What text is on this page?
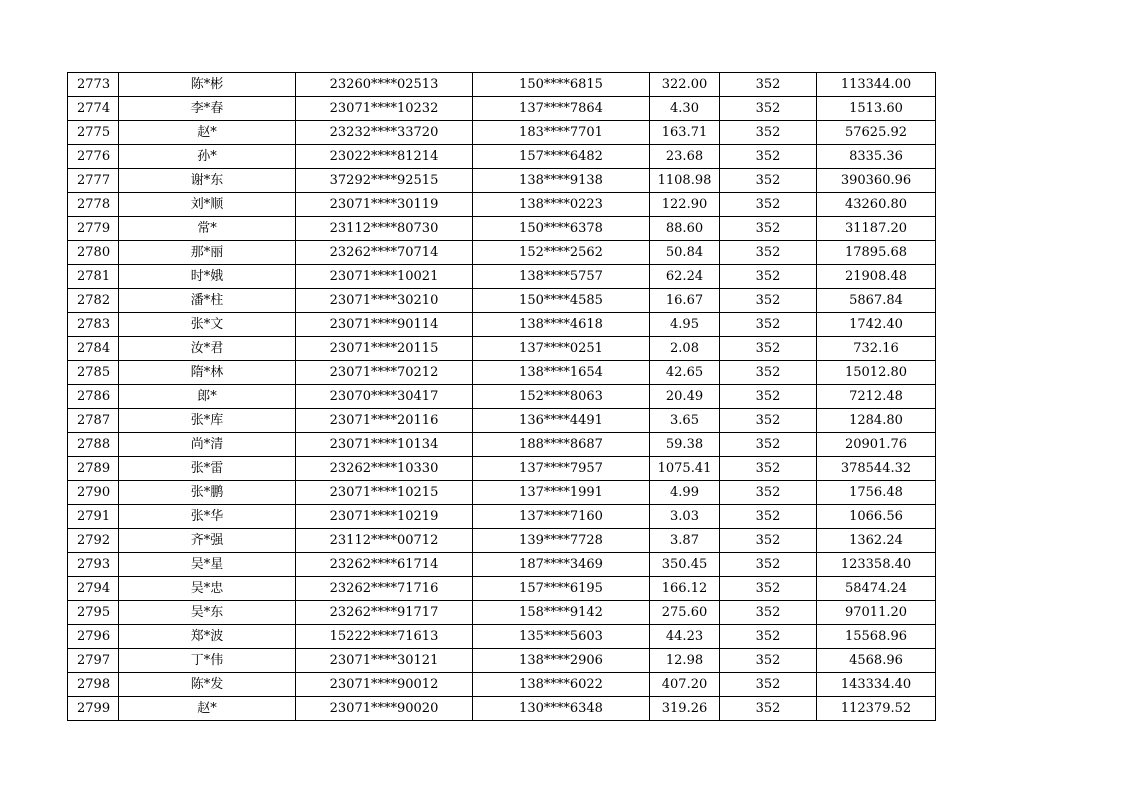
2773	陈*彬	23260****02513	150****6815	322.00	352	113344.00
2774	李*春	23071****10232	137****7864	4.30	352	1513.60
2775	赵*	23232****33720	183****7701	163.71	352	57625.92
2776	孙*	23022****81214	157****6482	23.68	352	8335.36
2777	谢*东	37292****92515	138****9138	1108.98	352	390360.96
2778	刘*顺	23071****30119	138****0223	122.90	352	43260.80
2779	常*	23112****80730	150****6378	88.60	352	31187.20
2780	那*丽	23262****70714	152****2562	50.84	352	17895.68
2781	时*娥	23071****10021	138****5757	62.24	352	21908.48
2782	潘*柱	23071****30210	150****4585	16.67	352	5867.84
2783	张*文	23071****90114	138****4618	4.95	352	1742.40
2784	汝*君	23071****20115	137****0251	2.08	352	732.16
2785	隋*林	23071****70212	138****1654	42.65	352	15012.80
2786	郎*	23070****30417	152****8063	20.49	352	7212.48
2787	张*库	23071****20116	136****4491	3.65	352	1284.80
2788	尚*清	23071****10134	188****8687	59.38	352	20901.76
2789	张*雷	23262****10330	137****7957	1075.41	352	378544.32
2790	张*鹏	23071****10215	137****1991	4.99	352	1756.48
2791	张*华	23071****10219	137****7160	3.03	352	1066.56
2792	齐*强	23112****00712	139****7728	3.87	352	1362.24
2793	吴*星	23262****61714	187****3469	350.45	352	123358.40
2794	吴*忠	23262****71716	157****6195	166.12	352	58474.24
2795	吴*东	23262****91717	158****9142	275.60	352	97011.20
2796	郑*波	15222****71613	135****5603	44.23	352	15568.96
2797	丁*伟	23071****30121	138****2906	12.98	352	4568.96
2798	陈*发	23071****90012	138****6022	407.20	352	143334.40
2799	赵*	23071****90020	130****6348	319.26	352	112379.52
